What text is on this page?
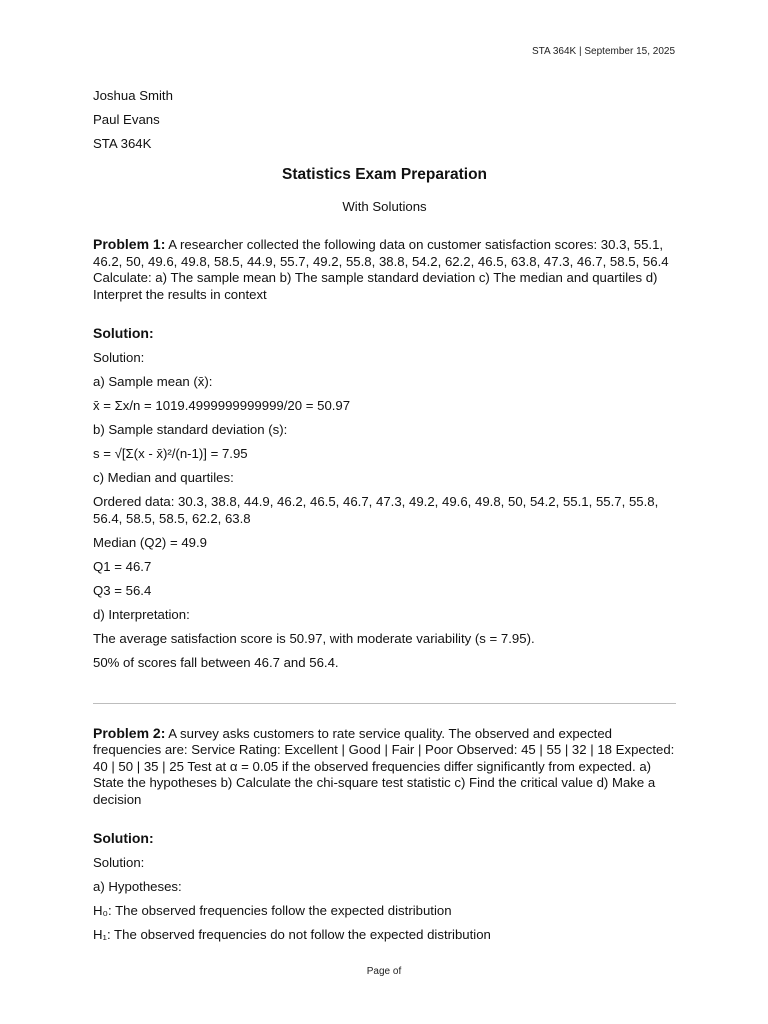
STA 364K | September 15, 2025
Joshua Smith
Paul Evans
STA 364K
Statistics Exam Preparation
With Solutions
Problem 1: A researcher collected the following data on customer satisfaction scores: 30.3, 55.1, 46.2, 50, 49.6, 49.8, 58.5, 44.9, 55.7, 49.2, 55.8, 38.8, 54.2, 62.2, 46.5, 63.8, 47.3, 46.7, 58.5, 56.4 Calculate: a) The sample mean b) The sample standard deviation c) The median and quartiles d) Interpret the results in context
Solution:
Solution:
a) Sample mean (x̄):
x̄ = Σx/n = 1019.4999999999999/20 = 50.97
b) Sample standard deviation (s):
s = √[Σ(x - x̄)²/(n-1)] = 7.95
c) Median and quartiles:
Ordered data: 30.3, 38.8, 44.9, 46.2, 46.5, 46.7, 47.3, 49.2, 49.6, 49.8, 50, 54.2, 55.1, 55.7, 55.8, 56.4, 58.5, 58.5, 62.2, 63.8
Median (Q2) = 49.9
Q1 = 46.7
Q3 = 56.4
d) Interpretation:
The average satisfaction score is 50.97, with moderate variability (s = 7.95).
50% of scores fall between 46.7 and 56.4.
Problem 2: A survey asks customers to rate service quality. The observed and expected frequencies are: Service Rating: Excellent | Good | Fair | Poor Observed: 45 | 55 | 32 | 18 Expected: 40 | 50 | 35 | 25 Test at α = 0.05 if the observed frequencies differ significantly from expected. a) State the hypotheses b) Calculate the chi-square test statistic c) Find the critical value d) Make a decision
Solution:
Solution:
a) Hypotheses:
H₀: The observed frequencies follow the expected distribution
H₁: The observed frequencies do not follow the expected distribution
Page of
